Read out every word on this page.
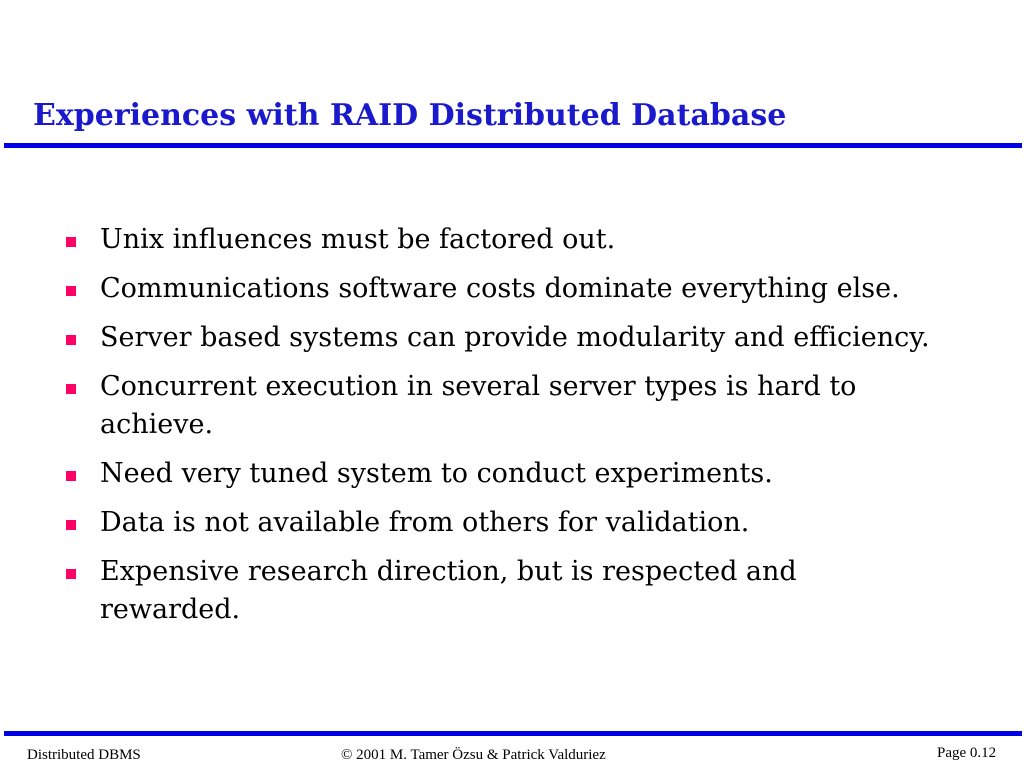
Experiences with RAID Distributed Database
Unix influences must be factored out.
Communications software costs dominate everything else.
Server based systems can provide modularity and efficiency.
Concurrent execution in several server types is hard to achieve.
Need very tuned system to conduct experiments.
Data is not available from others for validation.
Expensive research direction, but is respected and rewarded.
Distributed DBMS	© 2001 M. Tamer Özsu & Patrick Valduriez	Page 0.12
